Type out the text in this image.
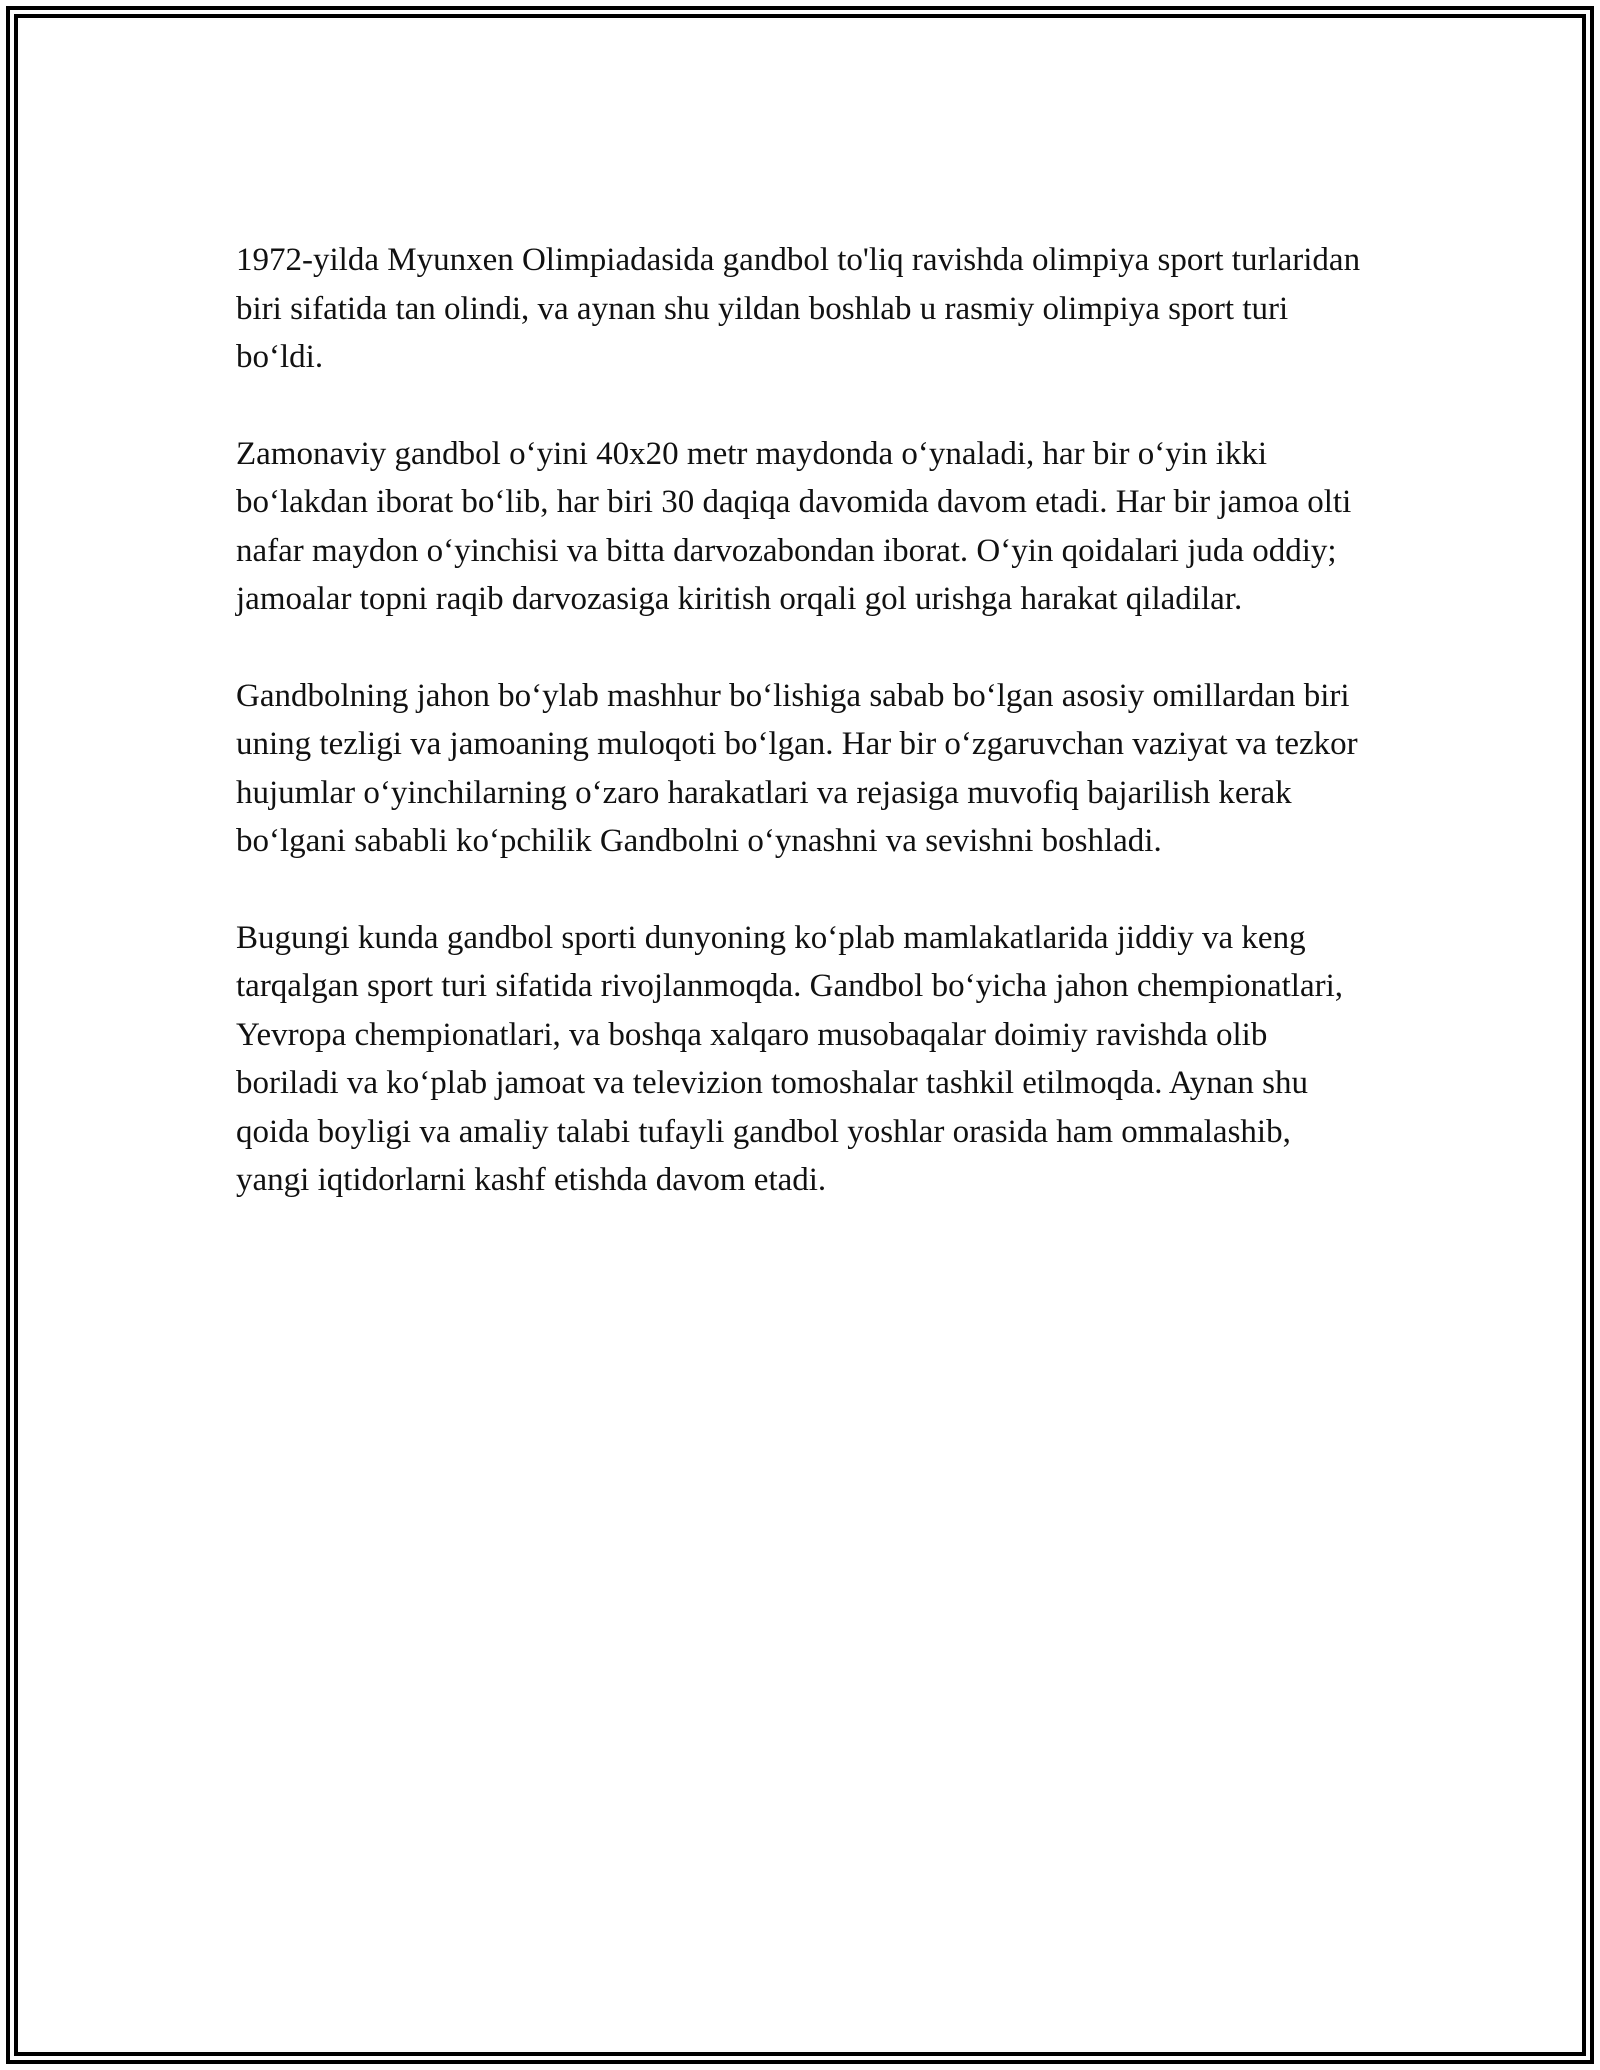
1972-yilda Myunxen Olimpiadasida gandbol to'liq ravishda olimpiya sport turlaridan biri sifatida tan olindi, va aynan shu yildan boshlab u rasmiy olimpiya sport turi bo‘ldi.

Zamonaviy gandbol o‘yini 40x20 metr maydonda o‘ynaladi, har bir o‘yin ikki bo‘lakdan iborat bo‘lib, har biri 30 daqiqa davomida davom etadi. Har bir jamoa olti nafar maydon o‘yinchisi va bitta darvozabondan iborat. O‘yin qoidalari juda oddiy; jamoalar topni raqib darvozasiga kiritish orqali gol urishga harakat qiladilar.

Gandbolning jahon bo‘ylab mashhur bo‘lishiga sabab bo‘lgan asosiy omillardan biri uning tezligi va jamoaning muloqoti bo‘lgan. Har bir o‘zgaruvchan vaziyat va tezkor hujumlar o‘yinchilarning o‘zaro harakatlari va rejasiga muvofiq bajarilish kerak bo‘lgani sababli ko‘pchilik Gandbolni o‘ynashni va sevishni boshladi.

Bugungi kunda gandbol sporti dunyoning ko‘plab mamlakatlarida jiddiy va keng tarqalgan sport turi sifatida rivojlanmoqda. Gandbol bo‘yicha jahon chempionatlari, Yevropa chempionatlari, va boshqa xalqaro musobaqalar doimiy ravishda olib boriladi va ko‘plab jamoat va televizion tomoshalar tashkil etilmoqda. Aynan shu qoida boyligi va amaliy talabi tufayli gandbol yoshlar orasida ham ommalashib, yangi iqtidorlarni kashf etishda davom etadi.
